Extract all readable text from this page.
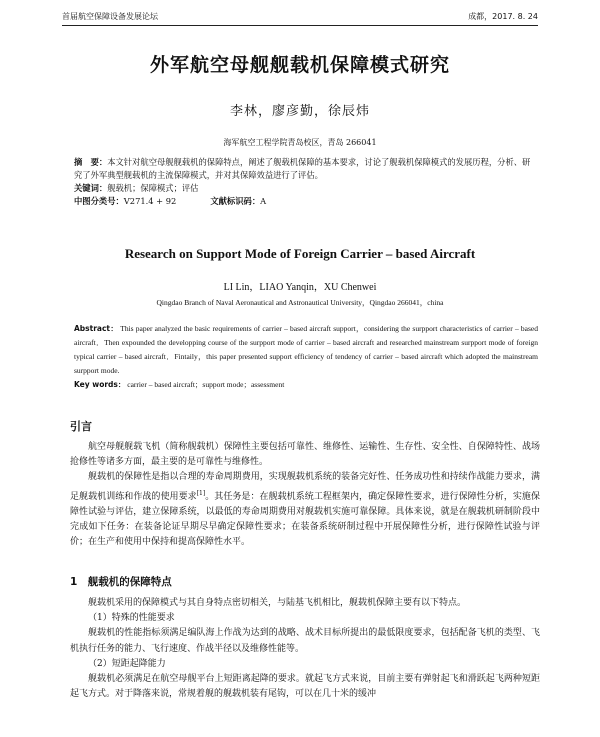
首届航空保障设备发展论坛	成都，2017. 8. 24
外军航空母舰舰载机保障模式研究
李林，廖彦勤，徐辰炜
海军航空工程学院青岛校区，青岛 266041
摘　要：本文针对航空母舰舰载机的保障特点，阐述了舰载机保障的基本要求，讨论了舰载机保障模式的发展历程，分析、研究了外军典型舰载机的主流保障模式，并对其保障效益进行了评估。
关键词：舰载机；保障模式；评估
中图分类号：V271.4 + 92	文献标识码：A
Research on Support Mode of Foreign Carrier – based Aircraft
LI Lin，LIAO Yanqin，XU Chenwei
Qingdao Branch of Naval Aeronautical and Astronautical University，Qingdao 266041，china
Abstract： This paper analyzed the basic requirements of carrier – based aircraft support，considering the surpport characteristics of carrier – based aircraft．Then expounded the developping course of the surpport mode of carrier – based aircraft and researched mainstream surpport mode of foreign typical carrier – based aircraft．Fintaily，this paper presented support efficiency of tendency of carrier – based aircraft which adopted the mainstream surpport mode.
Key words： carrier – based aircraft；support mode；assessment
引言

航空母舰舰载飞机（简称舰载机）保障性主要包括可靠性、维修性、运输性、生存性、安全性、自保障特性、战场抢修性等诸多方面，最主要的是可靠性与维修性。

舰载机的保障性是指以合理的寿命周期费用，实现舰载机系统的装备完好性、任务成功性和持续作战能力要求，满足舰载机训练和作战的使用要求[1]。其任务是：在舰载机系统工程框架内，确定保障性要求，进行保障性分析，实施保障性试验与评估，建立保障系统，以最低的寿命周期费用对舰载机实施可靠保障。具体来说，就是在舰载机研制阶段中完成如下任务：在装备论证早期尽早确定保障性要求；在装备系统研制过程中开展保障性分析，进行保障性试验与评价；在生产和使用中保持和提高保障性水平。

1　舰载机的保障特点

舰载机采用的保障模式与其自身特点密切相关，与陆基飞机相比，舰载机保障主要有以下特点。

（1）特殊的性能要求

舰载机的性能指标须满足编队海上作战为达到的战略、战术目标所提出的最低限度要求，包括配备飞机的类型、飞机执行任务的能力、飞行速度、作战半径以及维修性能等。

（2）短距起降能力

舰载机必须满足在航空母舰平台上短距离起降的要求。就起飞方式来说，目前主要有弹射起飞和滑跃起飞两种短距起飞方式。对于降落来说，常规着舰的舰载机装有尾钩，可以在几十米的缓冲
